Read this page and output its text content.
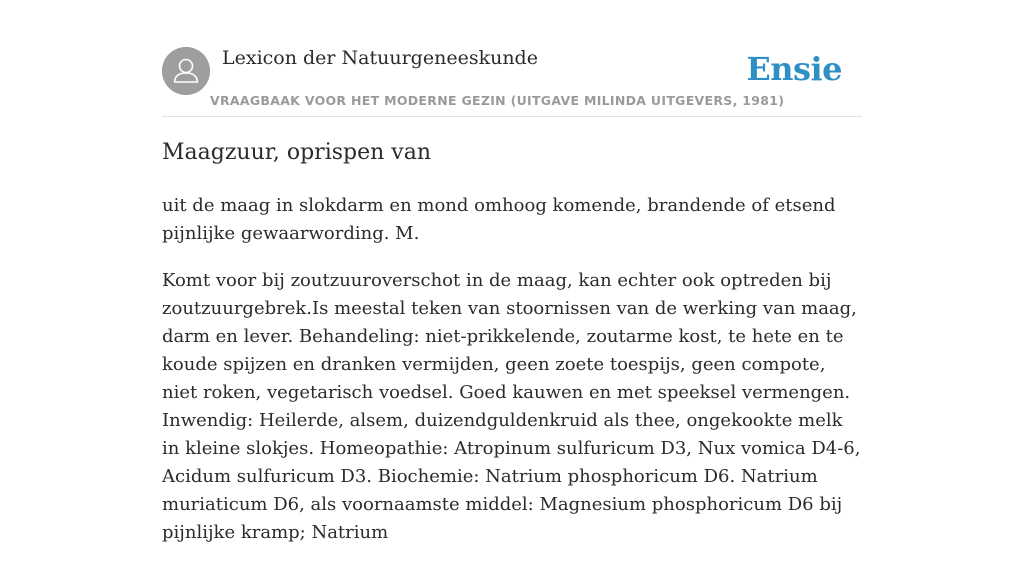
Lexicon der Natuurgeneeskunde
VRAAGBAAK VOOR HET MODERNE GEZIN (UITGAVE MILINDA UITGEVERS, 1981)
Ensie
Maagzuur, oprispen van

uit de maag in slokdarm en mond omhoog komende, brandende of etsend pijnlijke gewaarwording. M.

Komt voor bij zoutzuuroverschot in de maag, kan echter ook optreden bij zoutzuurgebrek.Is meestal teken van stoornissen van de werking van maag, darm en lever. Behandeling: niet-prikkelende, zoutarme kost, te hete en te koude spijzen en dranken vermijden, geen zoete toespijs, geen compote, niet roken, vegetarisch voedsel. Goed kauwen en met speeksel vermengen. Inwendig: Heilerde, alsem, duizendguldenkruid als thee, ongekookte melk in kleine slokjes. Homeopathie: Atropinum sulfuricum D3, Nux vomica D4-6, Acidum sulfuricum D3. Biochemie: Natrium phosphoricum D6. Natrium muriaticum D6, als voornaamste middel: Magnesium phosphoricum D6 bij pijnlijke kramp; Natrium
